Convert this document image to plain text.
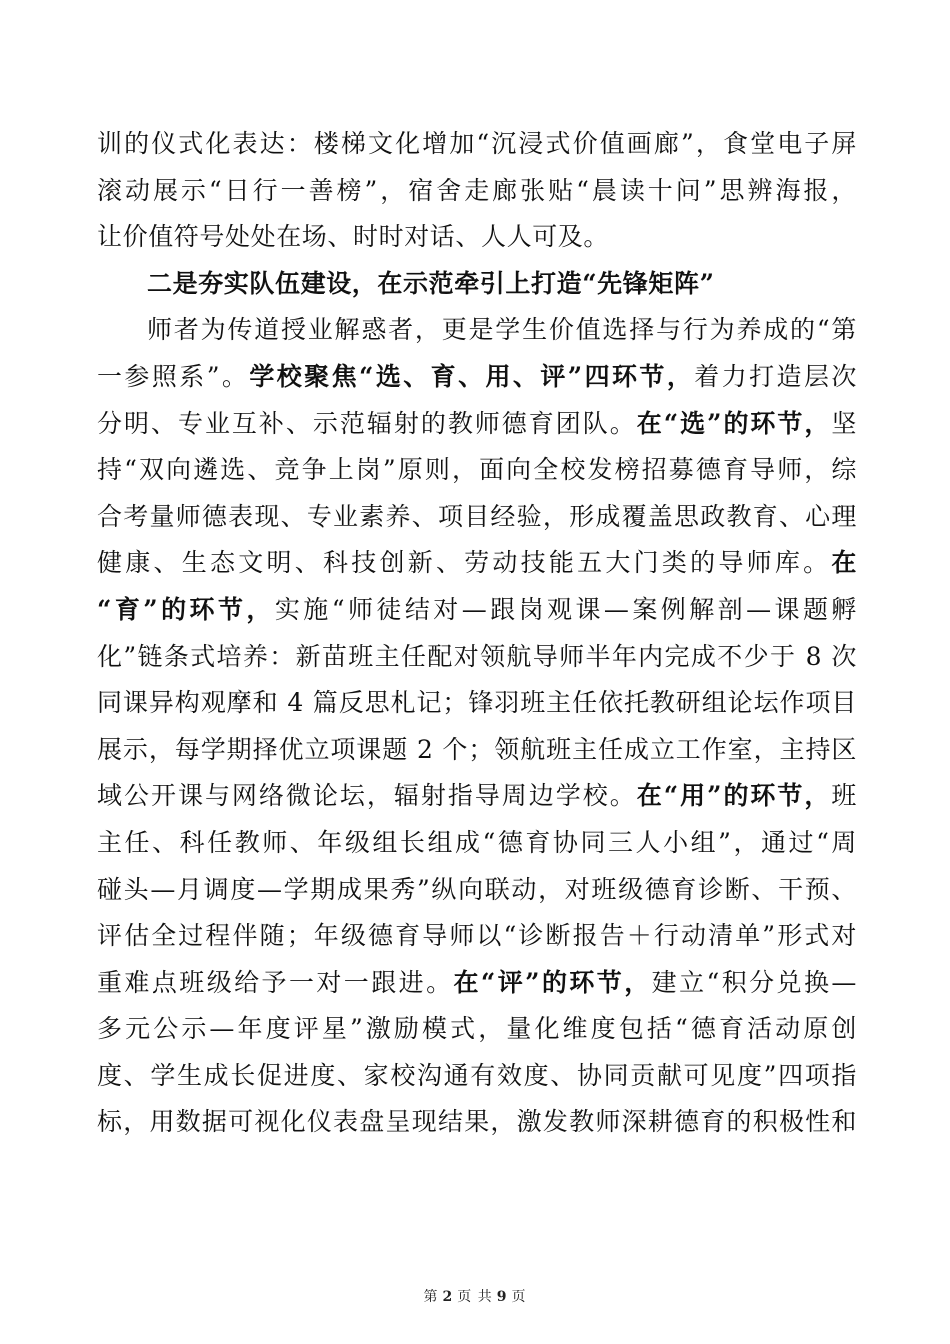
训的仪式化表达：楼梯文化增加“沉浸式价值画廊”，食堂电子屏
滚动展示“日行一善榜”，宿舍走廊张贴“晨读十问”思辨海报，
让价值符号处处在场、时时对话、人人可及。
二是夯实队伍建设，在示范牵引上打造“先锋矩阵”
师者为传道授业解惑者，更是学生价值选择与行为养成的“第
一参照系”。学校聚焦“选、育、用、评”四环节，着力打造层次
分明、专业互补、示范辐射的教师德育团队。在“选”的环节，坚
持“双向遴选、竞争上岗”原则，面向全校发榜招募德育导师，综
合考量师德表现、专业素养、项目经验，形成覆盖思政教育、心理
健康、生态文明、科技创新、劳动技能五大门类的导师库。在
“育”的环节，实施“师徒结对—跟岗观课—案例解剖—课题孵
化”链条式培养：新苗班主任配对领航导师半年内完成不少于 8 次
同课异构观摩和 4 篇反思札记；锋羽班主任依托教研组论坛作项目
展示，每学期择优立项课题 2 个；领航班主任成立工作室，主持区
域公开课与网络微论坛，辐射指导周边学校。在“用”的环节，班
主任、科任教师、年级组长组成“德育协同三人小组”，通过“周
碰头—月调度—学期成果秀”纵向联动，对班级德育诊断、干预、
评估全过程伴随；年级德育导师以“诊断报告＋行动清单”形式对
重难点班级给予一对一跟进。在“评”的环节，建立“积分兑换—
多元公示—年度评星”激励模式，量化维度包括“德育活动原创
度、学生成长促进度、家校沟通有效度、协同贡献可见度”四项指
标，用数据可视化仪表盘呈现结果，激发教师深耕德育的积极性和
第 2 页 共 9 页
